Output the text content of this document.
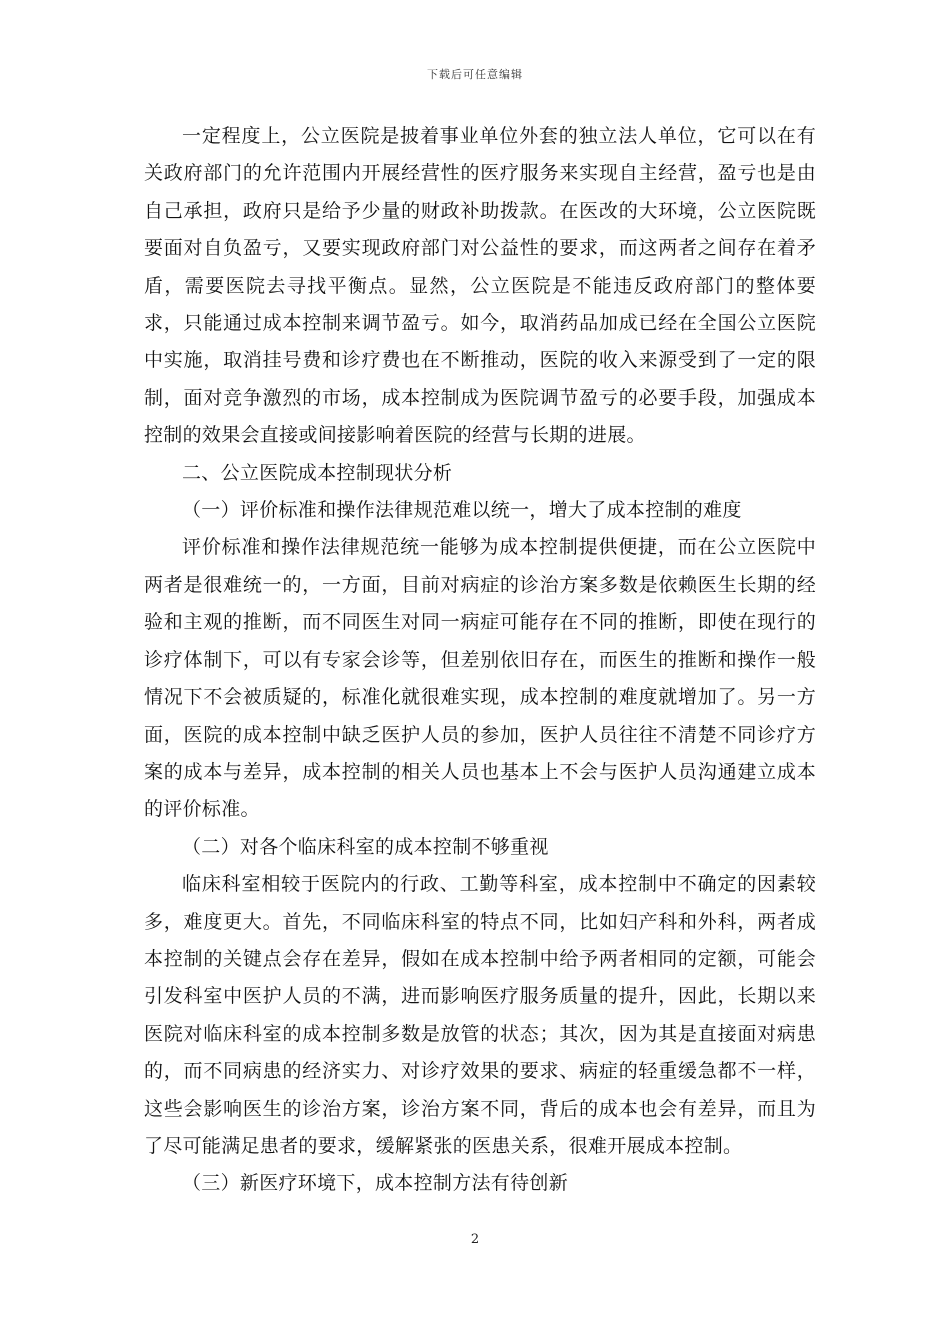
下载后可任意编辑

一定程度上，公立医院是披着事业单位外套的独立法人单位，它可以在有关政府部门的允许范围内开展经营性的医疗服务来实现自主经营，盈亏也是由自己承担，政府只是给予少量的财政补助拨款。在医改的大环境，公立医院既要面对自负盈亏，又要实现政府部门对公益性的要求，而这两者之间存在着矛盾，需要医院去寻找平衡点。显然，公立医院是不能违反政府部门的整体要求，只能通过成本控制来调节盈亏。如今，取消药品加成已经在全国公立医院中实施，取消挂号费和诊疗费也在不断推动，医院的收入来源受到了一定的限制，面对竞争激烈的市场，成本控制成为医院调节盈亏的必要手段，加强成本控制的效果会直接或间接影响着医院的经营与长期的进展。

二、公立医院成本控制现状分析

（一）评价标准和操作法律规范难以统一，增大了成本控制的难度

评价标准和操作法律规范统一能够为成本控制提供便捷，而在公立医院中两者是很难统一的，一方面，目前对病症的诊治方案多数是依赖医生长期的经验和主观的推断，而不同医生对同一病症可能存在不同的推断，即使在现行的诊疗体制下，可以有专家会诊等，但差别依旧存在，而医生的推断和操作一般情况下不会被质疑的，标准化就很难实现，成本控制的难度就增加了。另一方面，医院的成本控制中缺乏医护人员的参加，医护人员往往不清楚不同诊疗方案的成本与差异，成本控制的相关人员也基本上不会与医护人员沟通建立成本的评价标准。

（二）对各个临床科室的成本控制不够重视

临床科室相较于医院内的行政、工勤等科室，成本控制中不确定的因素较多，难度更大。首先，不同临床科室的特点不同，比如妇产科和外科，两者成本控制的关键点会存在差异，假如在成本控制中给予两者相同的定额，可能会引发科室中医护人员的不满，进而影响医疗服务质量的提升，因此，长期以来医院对临床科室的成本控制多数是放管的状态；其次，因为其是直接面对病患的，而不同病患的经济实力、对诊疗效果的要求、病症的轻重缓急都不一样，这些会影响医生的诊治方案，诊治方案不同，背后的成本也会有差异，而且为了尽可能满足患者的要求，缓解紧张的医患关系，很难开展成本控制。

（三）新医疗环境下，成本控制方法有待创新

2
